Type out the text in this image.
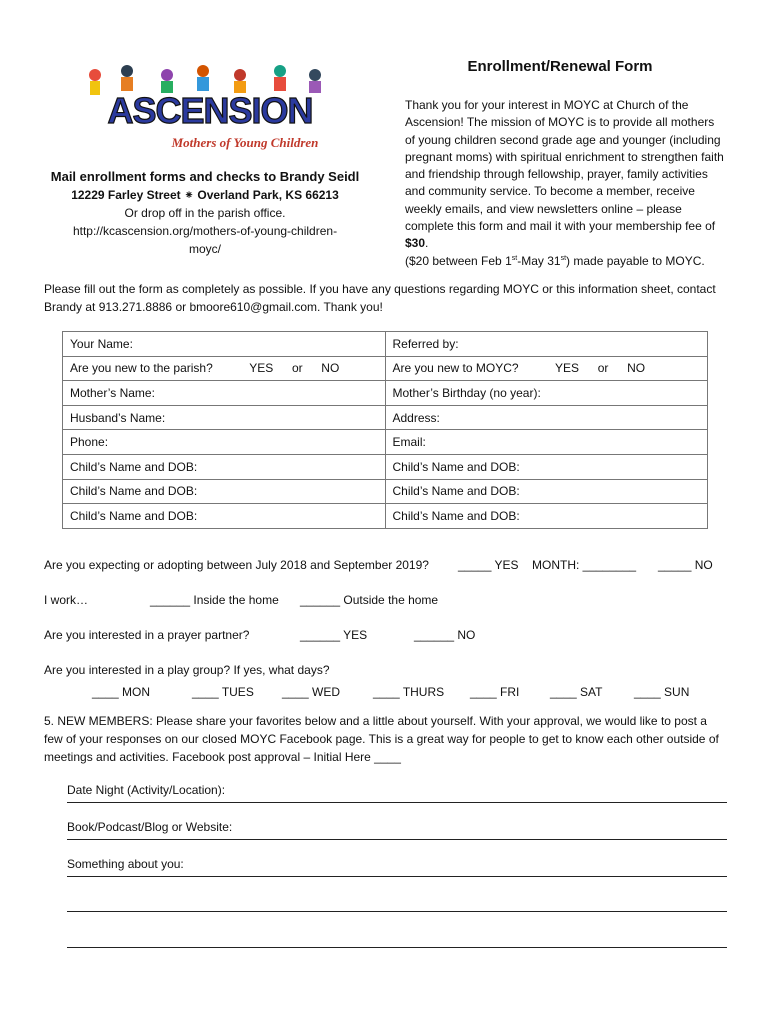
ASCENSION
Mothers of Young Children
Mail enrollment forms and checks to Brandy Seidl
12229 Farley Street ⁕ Overland Park, KS 66213
Or drop off in the parish office.
http://kcascension.org/mothers-of-young-children-
moyc/
Enrollment/Renewal Form
Thank you for your interest in MOYC at Church of the Ascension! The mission of MOYC is to provide all mothers of young children second grade age and younger (including pregnant moms) with spiritual enrichment to strengthen faith and friendship through fellowship, prayer, family activities and community service. To become a member, receive weekly emails, and view newsletters online – please complete this form and mail it with your membership fee of $30.
($20 between Feb 1st-May 31st) made payable to MOYC.
Please fill out the form as completely as possible. If you have any questions regarding MOYC or this information sheet, contact Brandy at 913.271.8886 or bmoore610@gmail.com. Thank you!
Your Name:	Referred by:
Are you new to the parish? YES or NO	Are you new to MOYC? YES or NO
Mother’s Name:	Mother’s Birthday (no year):
Husband’s Name:	Address:
Phone:	Email:
Child’s Name and DOB:	Child’s Name and DOB:
Child’s Name and DOB:	Child’s Name and DOB:
Child’s Name and DOB:	Child’s Name and DOB:
Are you expecting or adopting between July 2018 and September 2019? _____ YES MONTH: ________ _____ NO
I work…	______ Inside the home ______ Outside the home
Are you interested in a prayer partner?	______ YES	______ NO
Are you interested in a play group? If yes, what days?
____ MON	____ TUES ____ WED	____ THURS ____ FRI	____ SAT	____ SUN
5. NEW MEMBERS: Please share your favorites below and a little about yourself. With your approval, we would like to post a few of your responses on our closed MOYC Facebook page. This is a great way for people to get to know each other outside of meetings and activities. Facebook post approval – Initial Here ____
Date Night (Activity/Location):
Book/Podcast/Blog or Website:
Something about you:
